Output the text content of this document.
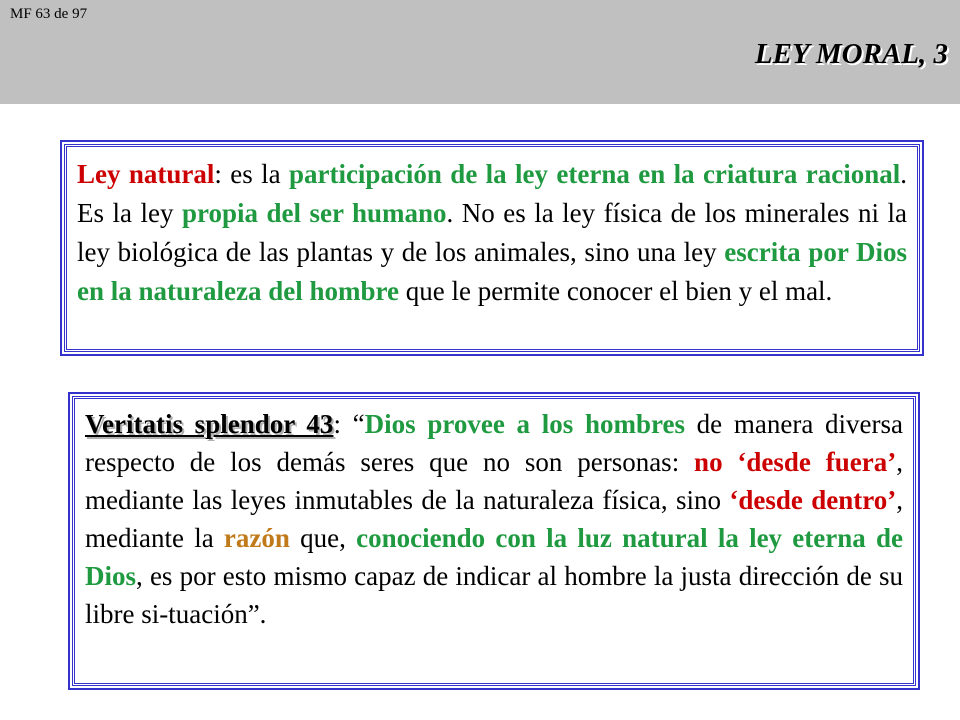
MF 63 de 97
LEY MORAL, 3

Ley natural: es la participación de la ley eterna en la criatura racional. Es la ley propia del ser humano. No es la ley física de los minerales ni la ley biológica de las plantas y de los animales, sino una ley escrita por Dios en la naturaleza del hombre que le permite conocer el bien y el mal.

Veritatis splendor 43: “Dios provee a los hombres de manera diversa respecto de los demás seres que no son personas: no ‘desde fuera’, mediante las leyes inmutables de la naturaleza física, sino ‘desde dentro’, mediante la razón que, conociendo con la luz natural la ley eterna de Dios, es por esto mismo capaz de indicar al hombre la justa dirección de su libre si-tuación”.
